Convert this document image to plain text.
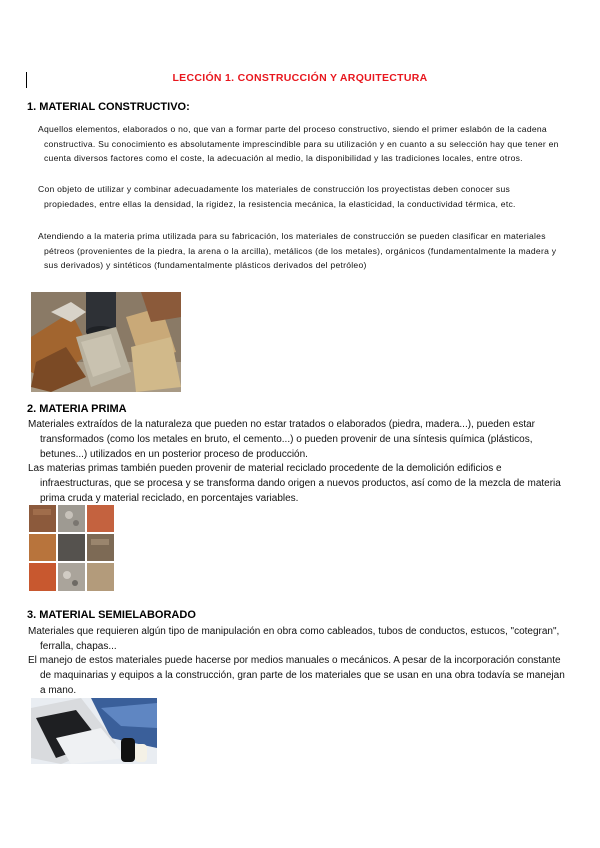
LECCIÓN 1. CONSTRUCCIÓN Y ARQUITECTURA
1. MATERIAL CONSTRUCTIVO:

Aquellos elementos, elaborados o no, que van a formar parte del proceso constructivo, siendo el primer eslabón de la cadena constructiva. Su conocimiento es absolutamente imprescindible para su utilización y en cuanto a su selección hay que tener en cuenta diversos factores como el coste, la adecuación al medio, la disponibilidad y las tradiciones locales, entre otros.

Con objeto de utilizar y combinar adecuadamente los materiales de construcción los proyectistas deben conocer sus propiedades, entre ellas la densidad, la rigidez, la resistencia mecánica, la elasticidad, la conductividad térmica, etc.

Atendiendo a la materia prima utilizada para su fabricación, los materiales de construcción se pueden clasificar en materiales pétreos (provenientes de la piedra, la arena o la arcilla), metálicos (de los metales), orgánicos (fundamentalmente la madera y sus derivados) y sintéticos (fundamentalmente plásticos derivados del petróleo)

2. MATERIA PRIMA

Materiales extraídos de la naturaleza que pueden no estar tratados o elaborados (piedra, madera...), pueden estar transformados (como los metales en bruto, el cemento...) o pueden provenir de una síntesis química (plásticos, betunes...) utilizados en un posterior proceso de producción.

Las materias primas también pueden provenir de material reciclado procedente de la demolición edificios e infraestructuras, que se procesa y se transforma dando origen a nuevos productos, así como de la mezcla de materia prima cruda y material reciclado, en porcentajes variables.

3. MATERIAL SEMIELABORADO

Materiales que requieren algún tipo de manipulación en obra como cableados, tubos de conductos, estucos, "cotegran", ferralla, chapas...

El manejo de estos materiales puede hacerse por medios manuales o mecánicos. A pesar de la incorporación constante de maquinarias y equipos a la construcción, gran parte de los materiales que se usan en una obra todavía se manejan a mano.
